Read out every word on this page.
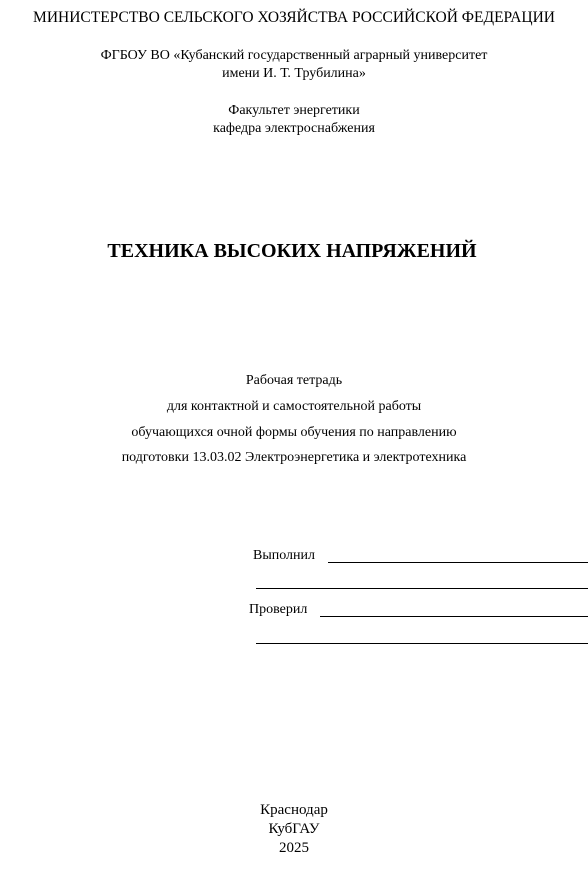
МИНИСТЕРСТВО СЕЛЬСКОГО ХОЗЯЙСТВА РОССИЙСКОЙ ФЕДЕРАЦИИ
ФГБОУ ВО «Кубанский государственный аграрный университет
имени И. Т. Трубилина»
Факультет энергетики
кафедра электроснабжения
ТЕХНИКА ВЫСОКИХ НАПРЯЖЕНИЙ
Рабочая тетрадь
для контактной и самостоятельной работы
обучающихся очной формы обучения по направлению
подготовки 13.03.02 Электроэнергетика и электротехника
Выполнил
Проверил
Краснодар
КубГАУ
2025
